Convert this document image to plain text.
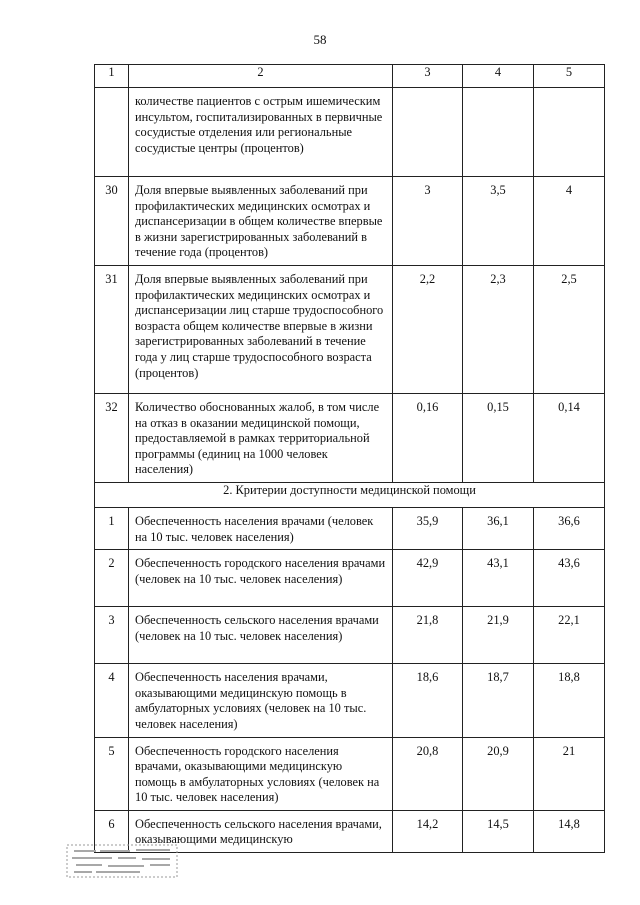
58
1	2	3	4	5
	количестве пациентов с острым ишемическим инсультом, госпитализированных в первичные сосудистые отделения или региональные сосудистые центры (процентов)			
30	Доля впервые выявленных заболеваний при профилактических медицинских осмотрах и диспансеризации в общем количестве впервые в жизни зарегистрированных заболеваний в течение года (процентов)	3	3,5	4
31	Доля впервые выявленных заболеваний при профилактических медицинских осмотрах и диспансеризации лиц старше трудоспособного возраста общем количестве впервые в жизни зарегистрированных заболеваний в течение года у лиц старше трудоспособного возраста (процентов)	2,2	2,3	2,5
32	Количество обоснованных жалоб, в том числе на отказ в оказании медицинской помощи, предоставляемой в рамках территориальной программы (единиц на 1000 человек населения)	0,16	0,15	0,14
2. Критерии доступности медицинской помощи				
1	Обеспеченность населения врачами (человек на 10 тыс. человек населения)	35,9	36,1	36,6
2	Обеспеченность городского населения врачами (человек на 10 тыс. человек населения)	42,9	43,1	43,6
3	Обеспеченность сельского населения врачами (человек на 10 тыс. человек населения)	21,8	21,9	22,1
4	Обеспеченность населения врачами, оказывающими медицинскую помощь в амбулаторных условиях (человек на 10 тыс. человек населения)	18,6	18,7	18,8
5	Обеспеченность городского населения врачами, оказывающими медицинскую помощь в амбулаторных условиях (человек на 10 тыс. человек населения)	20,8	20,9	21
6	Обеспеченность сельского населения врачами, оказывающими медицинскую	14,2	14,5	14,8
